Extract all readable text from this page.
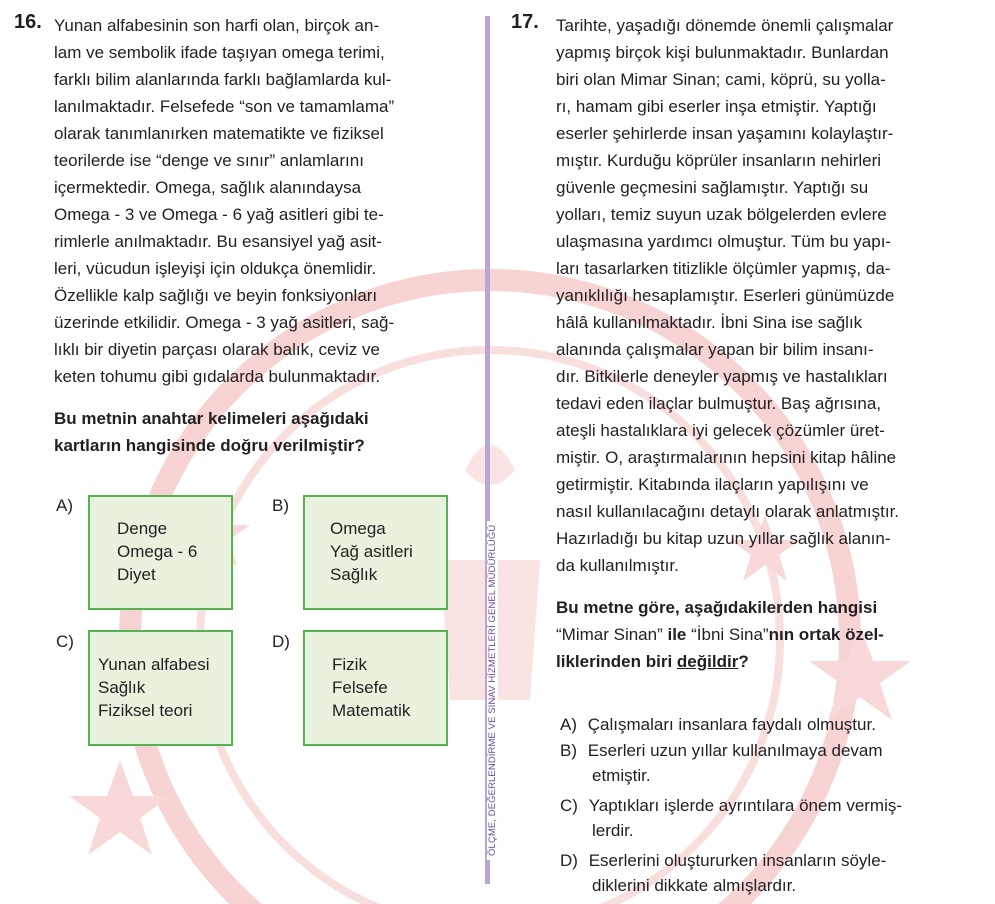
16. Yunan alfabesinin son harfi olan, birçok an-
lam ve sembolik ifade taşıyan omega terimi,
farklı bilim alanlarında farklı bağlamlarda kul-
lanılmaktadır. Felsefede “son ve tamamlama”
olarak tanımlanırken matematikte ve fiziksel
teorilerde ise “denge ve sınır” anlamlarını
içermektedir. Omega, sağlık alanındaysa
Omega - 3 ve Omega - 6 yağ asitleri gibi te-
rimlerle anılmaktadır. Bu esansiyel yağ asit-
leri, vücudun işleyişi için oldukça önemlidir.
Özellikle kalp sağlığı ve beyin fonksiyonları
üzerinde etkilidir. Omega - 3 yağ asitleri, sağ-
lıklı bir diyetin parçası olarak balık, ceviz ve
keten tohumu gibi gıdalarda bulunmaktadır.

Bu metnin anahtar kelimeleri aşağıdaki
kartların hangisinde doğru verilmiştir?

A)	B)
C)	D)
Denge
Omega - 6
Diyet
Omega
Yağ asitleri
Sağlık
Yunan alfabesi
Sağlık
Fiziksel teori
Fizik
Felsefe
Matematik	ÖLÇME, DEĞERLENDİRME VE SINAV HİZMETLERİ GENEL MÜDÜRLÜĞÜ
17. Tarihte, yaşadığı dönemde önemli çalışmalar
yapmış birçok kişi bulunmaktadır. Bunlardan
biri olan Mimar Sinan; cami, köprü, su yolla-
rı, hamam gibi eserler inşa etmiştir. Yaptığı
eserler şehirlerde insan yaşamını kolaylaştır-
mıştır. Kurduğu köprüler insanların nehirleri
güvenle geçmesini sağlamıştır. Yaptığı su
yolları, temiz suyun uzak bölgelerden evlere
ulaşmasına yardımcı olmuştur. Tüm bu yapı-
ları tasarlarken titizlikle ölçümler yapmış, da-
yanıklılığı hesaplamıştır. Eserleri günümüzde
hâlâ kullanılmaktadır. İbni Sina ise sağlık
alanında çalışmalar yapan bir bilim insanı-
dır. Bitkilerle deneyler yapmış ve hastalıkları
tedavi eden ilaçlar bulmuştur. Baş ağrısına,
ateşli hastalıklara iyi gelecek çözümler üret-
miştir. O, araştırmalarının hepsini kitap hâline
getirmiştir. Kitabında ilaçların yapılışını ve
nasıl kullanılacağını detaylı olarak anlatmıştır.
Hazırladığı bu kitap uzun yıllar sağlık alanın-
da kullanılmıştır.

Bu metne göre, aşağıdakilerden hangisi
“Mimar Sinan” ile “İbni Sina”nın ortak özel-
liklerinden biri değildir?

A) Çalışmaları insanlara faydalı olmuştur.
B) Eserleri uzun yıllar kullanılmaya devam
etmiştir.
C) Yaptıkları işlerde ayrıntılara önem vermiş-
lerdir.
D) Eserlerini oluştururken insanların söyle-
diklerini dikkate almışlardır.
